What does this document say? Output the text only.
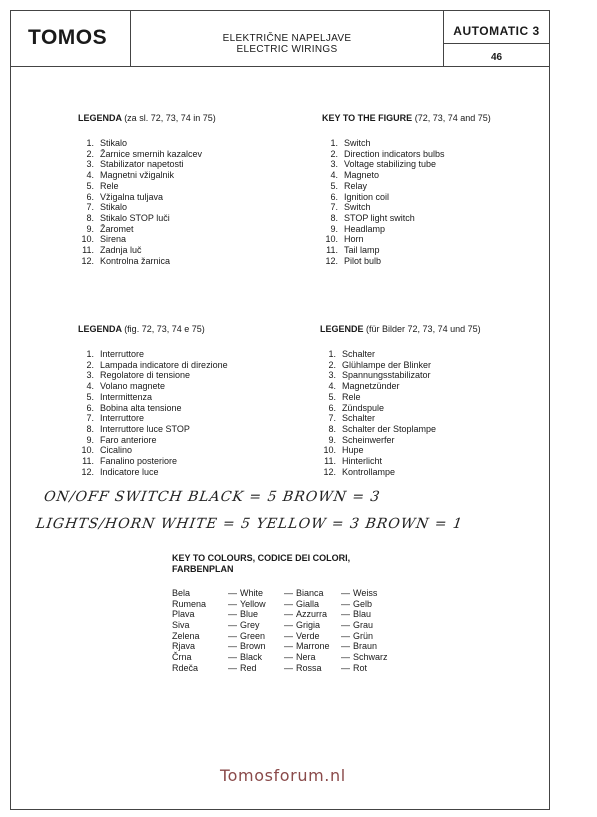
TOMOS	ELEKTRIČNE NAPELJAVE
ELECTRIC WIRINGS
AUTOMATIC 3
46
LEGENDA (za sl. 72, 73, 74 in 75)
1. Stikalo
2. Žarnice smernih kazalcev
3. Stabilizator napetosti
4. Magnetni vžigalnik
5. Rele
6. Vžigalna tuljava
7. Stikalo
8. Stikalo STOP luči
9. Žaromet
10. Sirena
11. Zadnja luč
12. Kontrolna žarnica
KEY TO THE FIGURE (72, 73, 74 and 75)
1. Switch
2. Direction indicators bulbs
3. Voltage stabilizing tube
4. Magneto
5. Relay
6. Ignition coil
7. Switch
8. STOP light switch
9. Headlamp
10. Horn
11. Tail lamp
12. Pilot bulb
LEGENDA (fig. 72, 73, 74 e 75)
1. Interruttore
2. Lampada indicatore di direzione
3. Regolatore di tensione
4. Volano magnete
5. Intermittenza
6. Bobina alta tensione
7. Interruttore
8. Interruttore luce STOP
9. Faro anteriore
10. Cicalino
11. Fanalino posteriore
12. Indicatore luce
LEGENDE (für Bilder 72, 73, 74 und 75)
1. Schalter
2. Glühlampe der Blinker
3. Spannungsstabilizator
4. Magnetzünder
5. Rele
6. Zündspule
7. Schalter
8. Schalter der Stoplampe
9. Scheinwerfer
10. Hupe
11. Hinterlicht
12. Kontrollampe
ON/OFF SWITCH BLACK = 5 BROWN = 3
LIGHTS/HORN WHITE = 5 YELLOW = 3 BROWN = 1
KEY TO COLOURS, CODICE DEI COLORI,
FARBENPLAN
Bela	— White	— Bianca	— Weiss
Rumena	— Yellow	— Gialla	— Gelb
Plava	— Blue	— Azzurra	— Blau
Siva	— Grey	— Grigia	— Grau
Zelena	— Green	— Verde	— Grün
Rjava	— Brown	— Marrone	— Braun
Črna	— Black	— Nera	— Schwarz
Rdeča	— Red	— Rossa	— Rot
Tomosforum.nl
